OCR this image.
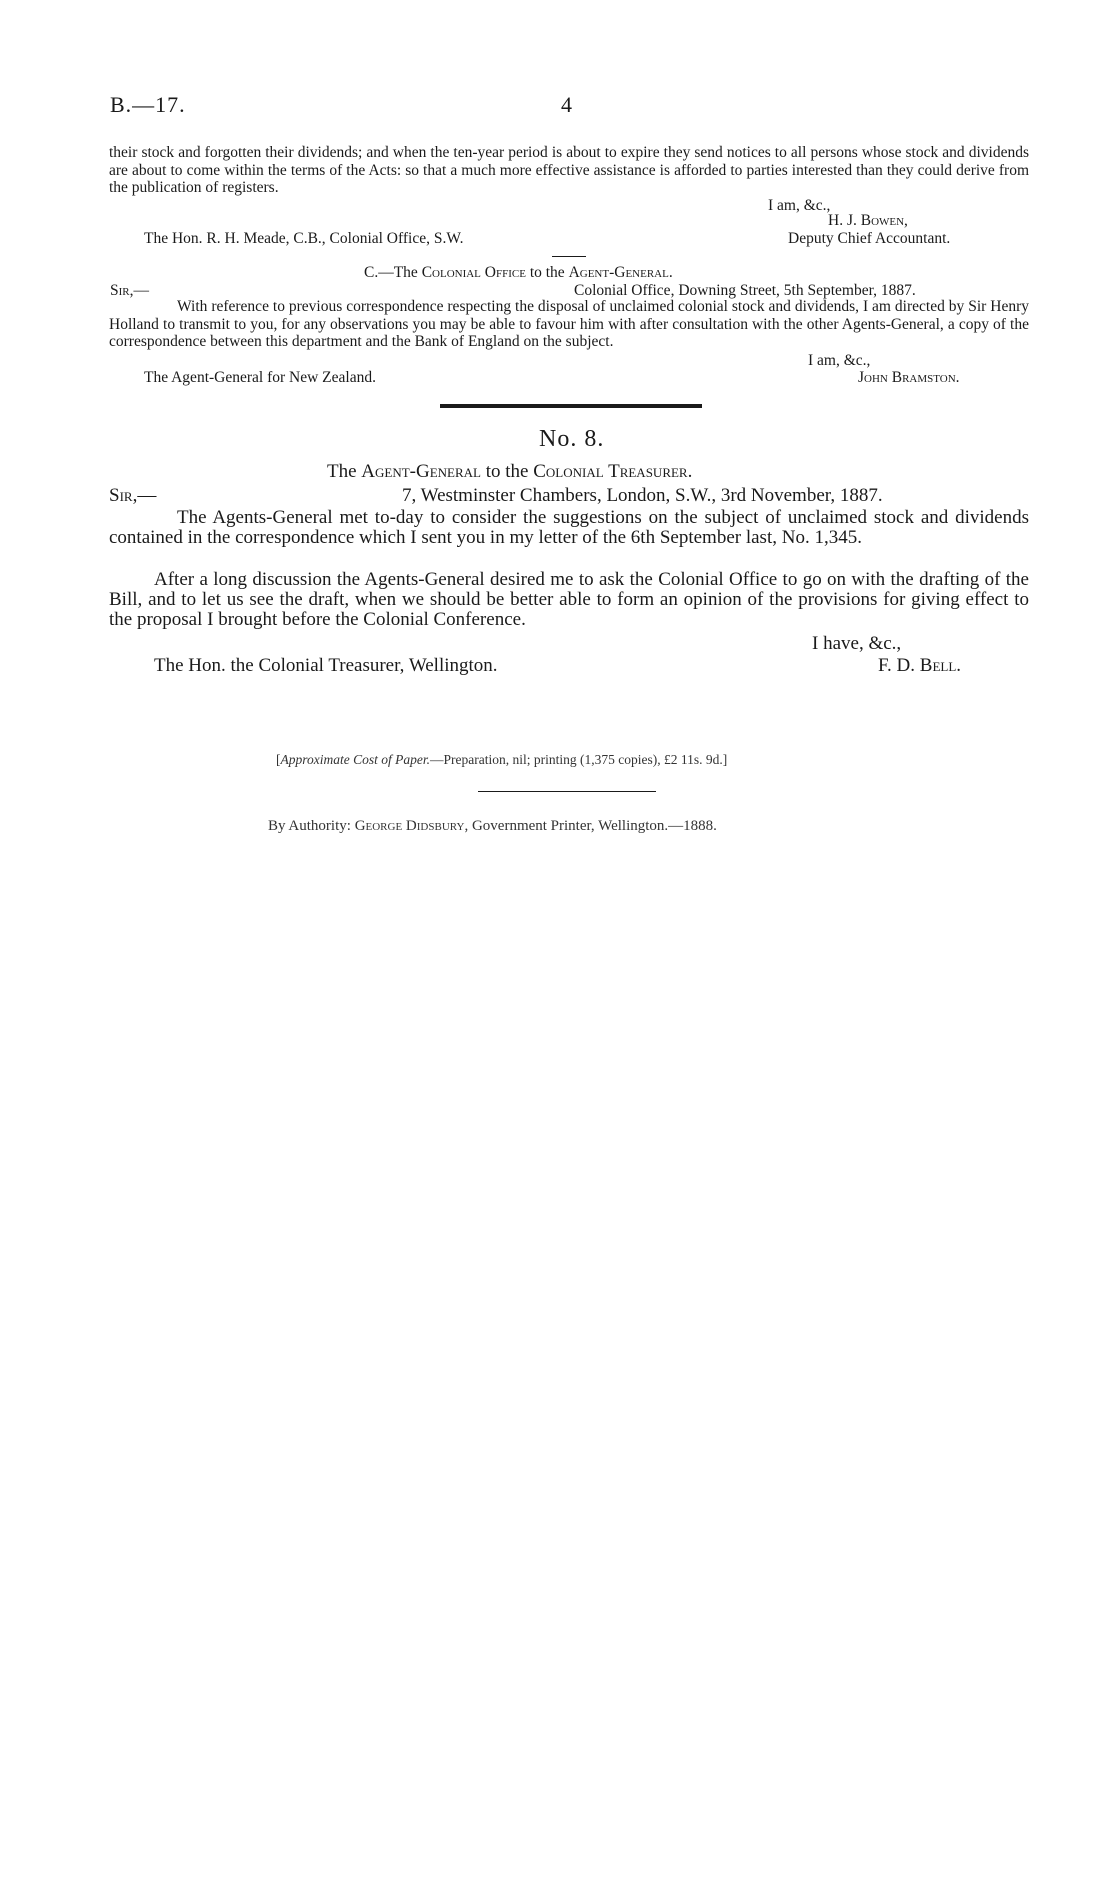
B.—17.	4

their stock and forgotten their dividends; and when the ten-year period is about to expire they send notices to all persons whose stock and dividends are about to come within the terms of the Acts: so that a much more effective assistance is afforded to parties interested than they could derive from the publication of registers.

I am, &c.,
H. J. Bowen,
The Hon. R. H. Meade, C.B., Colonial Office, S.W.	Deputy Chief Accountant.
C.—The Colonial Office to the Agent-General.
Sir,—	Colonial Office, Downing Street, 5th September, 1887.

With reference to previous correspondence respecting the disposal of unclaimed colonial stock and dividends, I am directed by Sir Henry Holland to transmit to you, for any observations you may be able to favour him with after consultation with the other Agents-General, a copy of the correspondence between this department and the Bank of England on the subject.

I am, &c.,
The Agent-General for New Zealand.	John Bramston.
No. 8.
The Agent-General to the Colonial Treasurer.
Sir,—	7, Westminster Chambers, London, S.W., 3rd November, 1887.

The Agents-General met to-day to consider the suggestions on the subject of unclaimed stock and dividends contained in the correspondence which I sent you in my letter of the 6th September last, No. 1,345.

After a long discussion the Agents-General desired me to ask the Colonial Office to go on with the drafting of the Bill, and to let us see the draft, when we should be better able to form an opinion of the provisions for giving effect to the proposal I brought before the Colonial Conference.

I have, &c.,
The Hon. the Colonial Treasurer, Wellington.	F. D. Bell.
[Approximate Cost of Paper.—Preparation, nil; printing (1,375 copies), £2 11s. 9d.]
By Authority: George Didsbury, Government Printer, Wellington.—1888.
